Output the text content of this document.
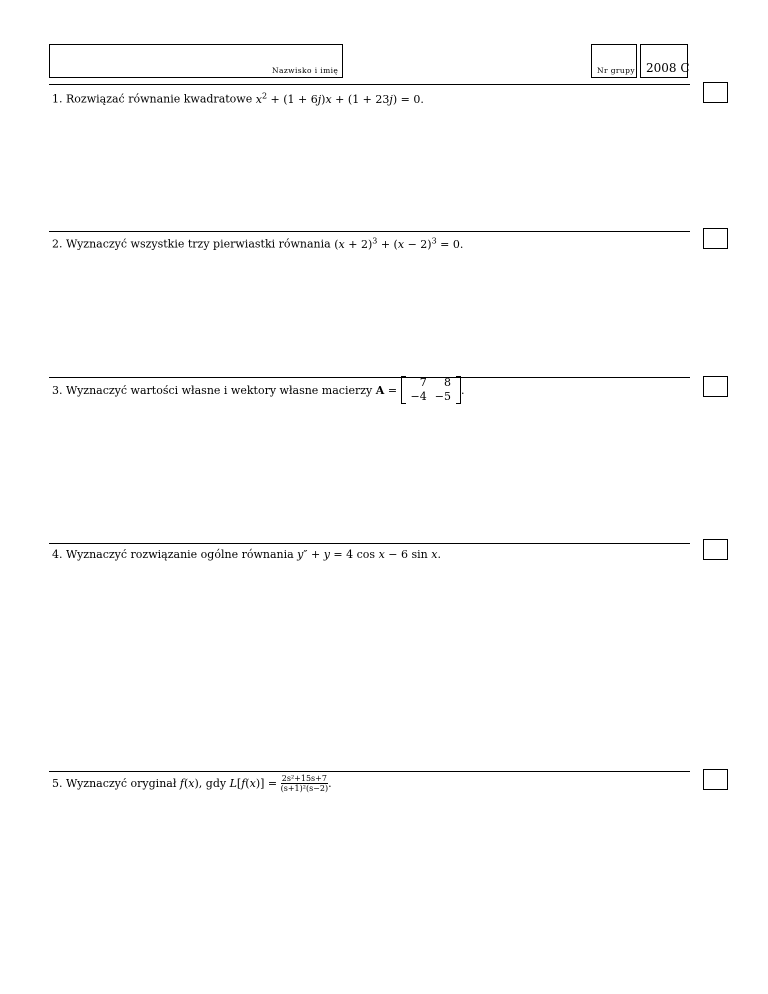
Nazwisko i imię	Nr grupy 2008 C
1. Rozwiązać równanie kwadratowe $x^2 + (1 + 6j)x + (1 + 23j) = 0$.
2. Wyznaczyć wszystkie trzy pierwiastki równania $(x + 2)^3 + (x - 2)^3 = 0$.
3.
Wyznaczyć wartości własne i wektory własne macierzy
A
=

7	8
−4	−5 .
4. Wyznaczyć rozwiązanie ogólne równania y″ + y = 4 cos x − 6 sin x.
5.
Wyznaczyć oryginał
f(x), gdy $L[f(x)] = \frac{\text{2s²+15s+7}}{\text{(s+1)²(s−2)}}$ .
